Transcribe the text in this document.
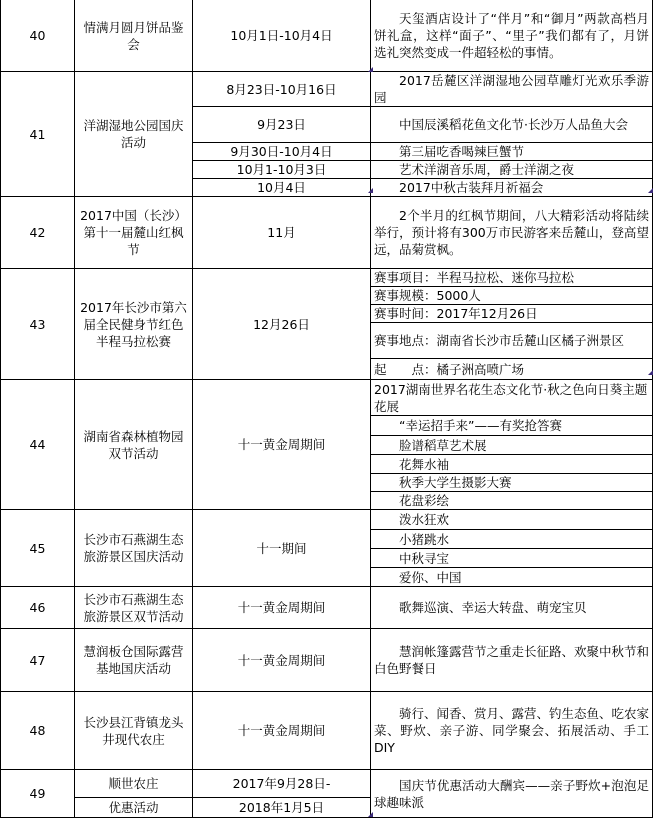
40	情满月圆月饼品鉴会	10月1日-10月4日	天玺酒店设计了“伴月”和“御月”两款高档月饼礼盒，这样“面子”、“里子”我们都有了，月饼选礼突然变成一件超轻松的事情。
41	洋湖湿地公园国庆活动	8月23日-10月16日	2017岳麓区洋湖湿地公园草雕灯光欢乐季游园
		9月23日	中国辰溪稻花鱼文化节·长沙万人品鱼大会
		9月30日-10月4日	第三届吃香喝辣巨蟹节
		10月1-10月3日	艺术洋湖音乐周，爵士洋湖之夜
		10月4日	2017中秋古装拜月祈福会
42	2017中国（长沙）第十一届麓山红枫节	11月	2个半月的红枫节期间，八大精彩活动将陆续举行，预计将有300万市民游客来岳麓山，登高望远，品菊赏枫。
43	2017年长沙市第六届全民健身节红色半程马拉松赛	12月26日	赛事项目：半程马拉松、迷你马拉松
			赛事规模：5000人
			赛事时间：2017年12月26日
			赛事地点：湖南省长沙市岳麓山区橘子洲景区
			起　　点：橘子洲高喷广场
44	湖南省森林植物园双节活动	十一黄金周期间	2017湖南世界名花生态文化节·秋之色向日葵主题花展
			“幸运招手来”——有奖抢答赛
			脸谱稻草艺术展
			花舞水袖
			秋季大学生摄影大赛
			花盘彩绘
45	长沙市石燕湖生态旅游景区国庆活动	十一期间	泼水狂欢
			小猪跳水
			中秋寻宝
			爱你、中国
46	长沙市石燕湖生态旅游景区双节活动	十一黄金周期间	歌舞巡演、幸运大转盘、萌宠宝贝
47	慧润板仓国际露营基地国庆活动	十一黄金周期间	慧润帐篷露营节之重走长征路、欢聚中秋节和白色野餐日
48	长沙县江背镇龙头井现代农庄	十一黄金周期间	骑行、闻香、赏月、露营、钓生态鱼、吃农家菜、野炊、亲子游、同学聚会、拓展活动、手工DIY
49	顺世农庄	2017年9月28日-	国庆节优惠活动大酬宾——亲子野炊+泡泡足球趣味派
	优惠活动	2018年1月5日	
